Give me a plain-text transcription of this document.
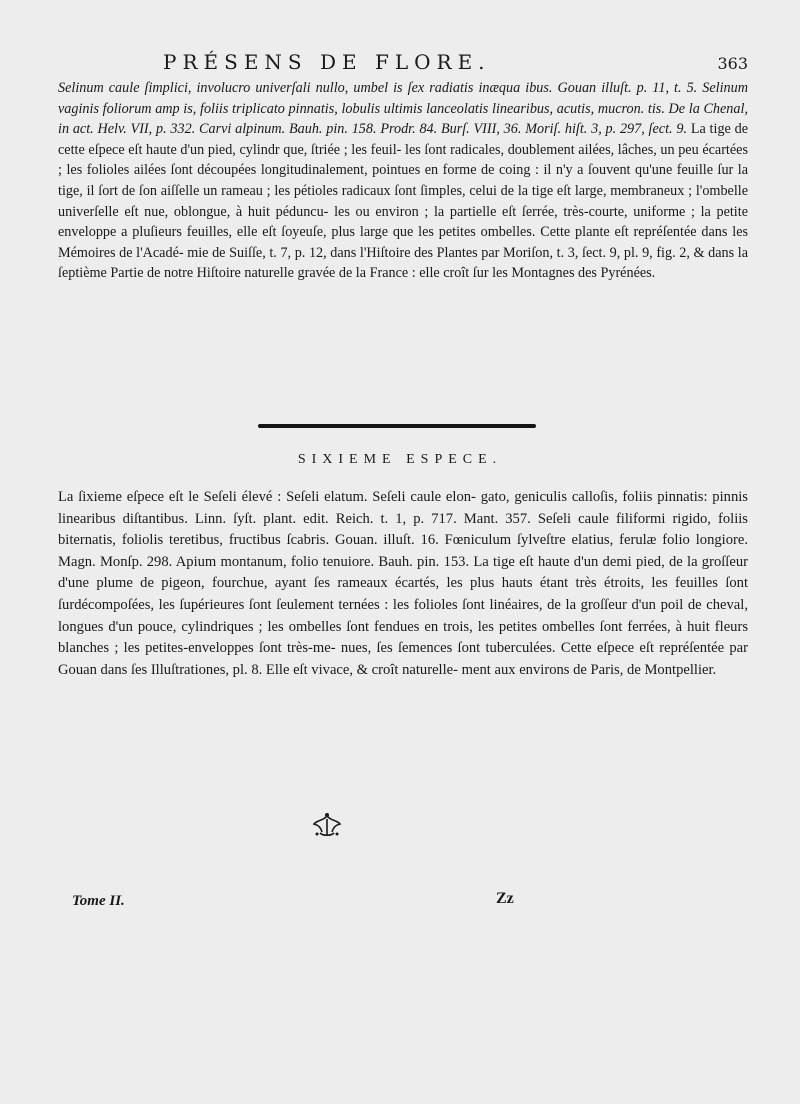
PRÉSENS DE FLORE.	363

Selinum caule ſimplici, involucro univerſali nullo, umbel is ſex radiatis inæqua ibus. Gouan illuſt. p. 11, t. 5. Selinum vaginis foliorum amp is, foliis triplicato pinnatis, lobulis ultimis lanceolatis linearibus, acutis, mucron. tis. De la Chenal, in act. Helv. VII, p. 332. Carvi alpinum. Bauh. pin. 158. Prodr. 84. Burſ. VIII, 36. Moriſ. hiſt. 3, p. 297, ſect. 9. La tige de cette eſpece eſt haute d'un pied, cylindr que, ſtriée ; les feuil- les ſont radicales, doublement ailées, lâches, un peu écartées ; les folioles ailées ſont découpées longitudinalement, pointues en forme de coing : il n'y a ſouvent qu'une feuille ſur la tige, il ſort de ſon aiſſelle un rameau ; les pétioles radicaux ſont ſimples, celui de la tige eſt large, membraneux ; l'ombelle univerſelle eſt nue, oblongue, à huit péduncu- les ou environ ; la partielle eſt ſerrée, très-courte, uniforme ; la petite enveloppe a pluſieurs feuilles, elle eſt ſoyeuſe, plus large que les petites ombelles. Cette plante eſt repréſentée dans les Mémoires de l'Acadé- mie de Suiſſe, t. 7, p. 12, dans l'Hiſtoire des Plantes par Moriſon, t. 3, ſect. 9, pl. 9, fig. 2, & dans la ſeptième Partie de notre Hiſtoire naturelle gravée de la France : elle croît ſur les Montagnes des Pyrénées.

SIXIEME ESPECE.

La ſixieme eſpece eſt le Seſeli élevé : Seſeli elatum. Seſeli caule elon- gato, geniculis calloſis, foliis pinnatis: pinnis linearibus diſtantibus. Linn. ſyſt. plant. edit. Reich. t. 1, p. 717. Mant. 357. Seſeli caule filiformi rigido, foliis biternatis, foliolis teretibus, fructibus ſcabris. Gouan. illuſt. 16. Fœniculum ſylveſtre elatius, ferulæ folio longiore. Magn. Monſp. 298. Apium montanum, folio tenuiore. Bauh. pin. 153. La tige eſt haute d'un demi pied, de la groſſeur d'une plume de pigeon, fourchue, ayant ſes rameaux écartés, les plus hauts étant très étroits, les feuilles ſont ſurdécompoſées, les ſupérieures ſont ſeulement ternées : les folioles ſont linéaires, de la groſſeur d'un poil de cheval, longues d'un pouce, cylindriques ; les ombelles ſont fendues en trois, les petites ombelles ſont ferrées, à huit fleurs blanches ; les petites-enveloppes ſont très-me- nues, ſes ſemences ſont tuberculées. Cette eſpece eſt repréſentée par Gouan dans ſes Illuſtrationes, pl. 8. Elle eſt vivace, & croît naturelle- ment aux environs de Paris, de Montpellier.

Tome II.	Zz
